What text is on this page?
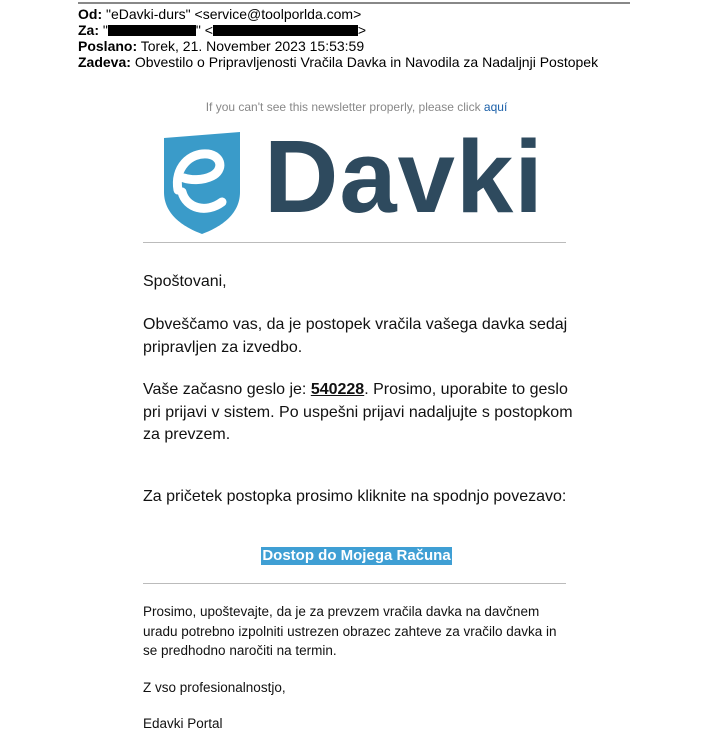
Od: "eDavki-durs" <service@toolporlda.com>
Za: "	" <	>
Poslano: Torek, 21. November 2023 15:53:59
Zadeva: Obvestilo o Pripravljenosti Vračila Davka in Navodila za Nadaljnji Postopek
If you can't see this newsletter properly, please click aquí
Davki
Spoštovani,
Obveščamo vas, da je postopek vračila vašega davka sedaj pripravljen za izvedbo.
Vaše začasno geslo je: 540228. Prosimo, uporabite to geslo pri prijavi v sistem. Po uspešni prijavi nadaljujte s postopkom za prevzem.
Za pričetek postopka prosimo kliknite na spodnjo povezavo:
Dostop do Mojega Računa
Prosimo, upoštevajte, da je za prevzem vračila davka na davčnem uradu potrebno izpolniti ustrezen obrazec zahteve za vračilo davka in se predhodno naročiti na termin.
Z vso profesionalnostjo,
Edavki Portal
